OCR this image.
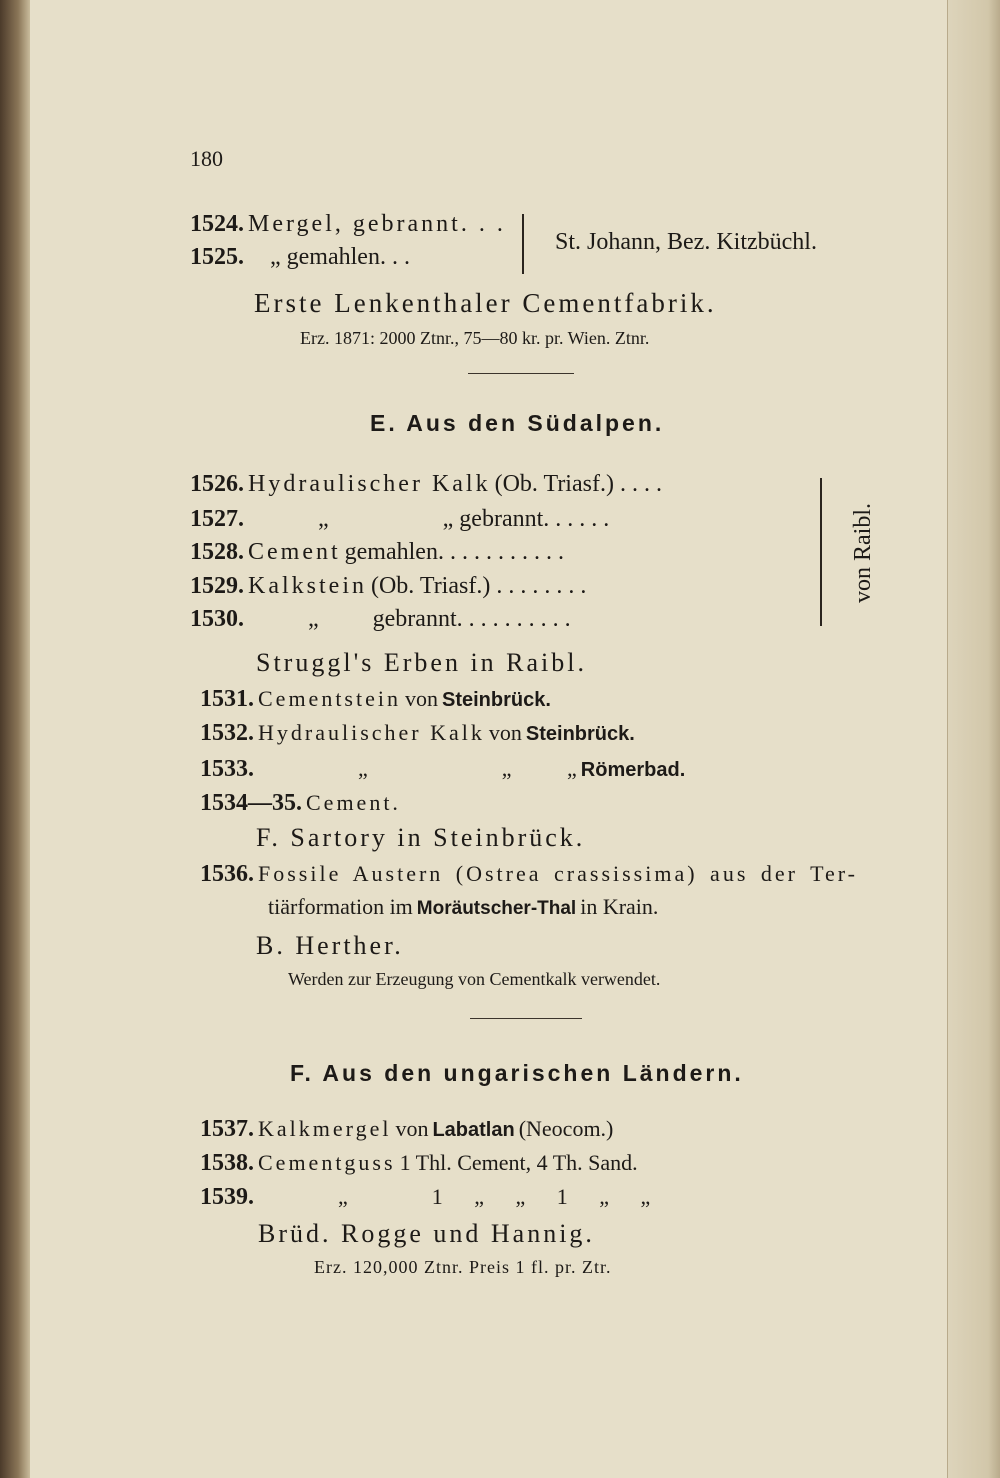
180
1524. Mergel, gebrannt. . .
1525. „ gemahlen. . .
St. Johann, Bez. Kitzbüchl.
Erste Lenkenthaler Cementfabrik.
Erz. 1871: 2000 Ztnr., 75—80 kr. pr. Wien. Ztnr.
E. Aus den Südalpen.
1526. Hydraulischer Kalk (Ob. Triasf.) . . . .
1527.	„	„ gebrannt. . . . . .
1528. Cement gemahlen. . . . . . . . . . .
1529. Kalkstein (Ob. Triasf.) . . . . . . . .
1530.	„ gebrannt. . . . . . . . . .
von Raibl.
Struggl's Erben in Raibl.
1531. Cementstein von Steinbrück.
1532. Hydraulischer Kalk von Steinbrück.
1533.	„	„ „ Römerbad.
1534—35. Cement.
F. Sartory in Steinbrück.
1536. Fossile Austern (Ostrea crassissima) aus der Ter-
tiärformation im Moräutscher-Thal in Krain.
B. Herther.
Werden zur Erzeugung von Cementkalk verwendet.
F. Aus den ungarischen Ländern.
1537. Kalkmergel von Labatlan (Neocom.)
1538. Cementguss 1 Thl. Cement, 4 Th. Sand.
1539.	„	1 „ „ 1 „ „
Brüd. Rogge und Hannig.
Erz. 120,000 Ztnr. Preis 1 fl. pr. Ztr.
